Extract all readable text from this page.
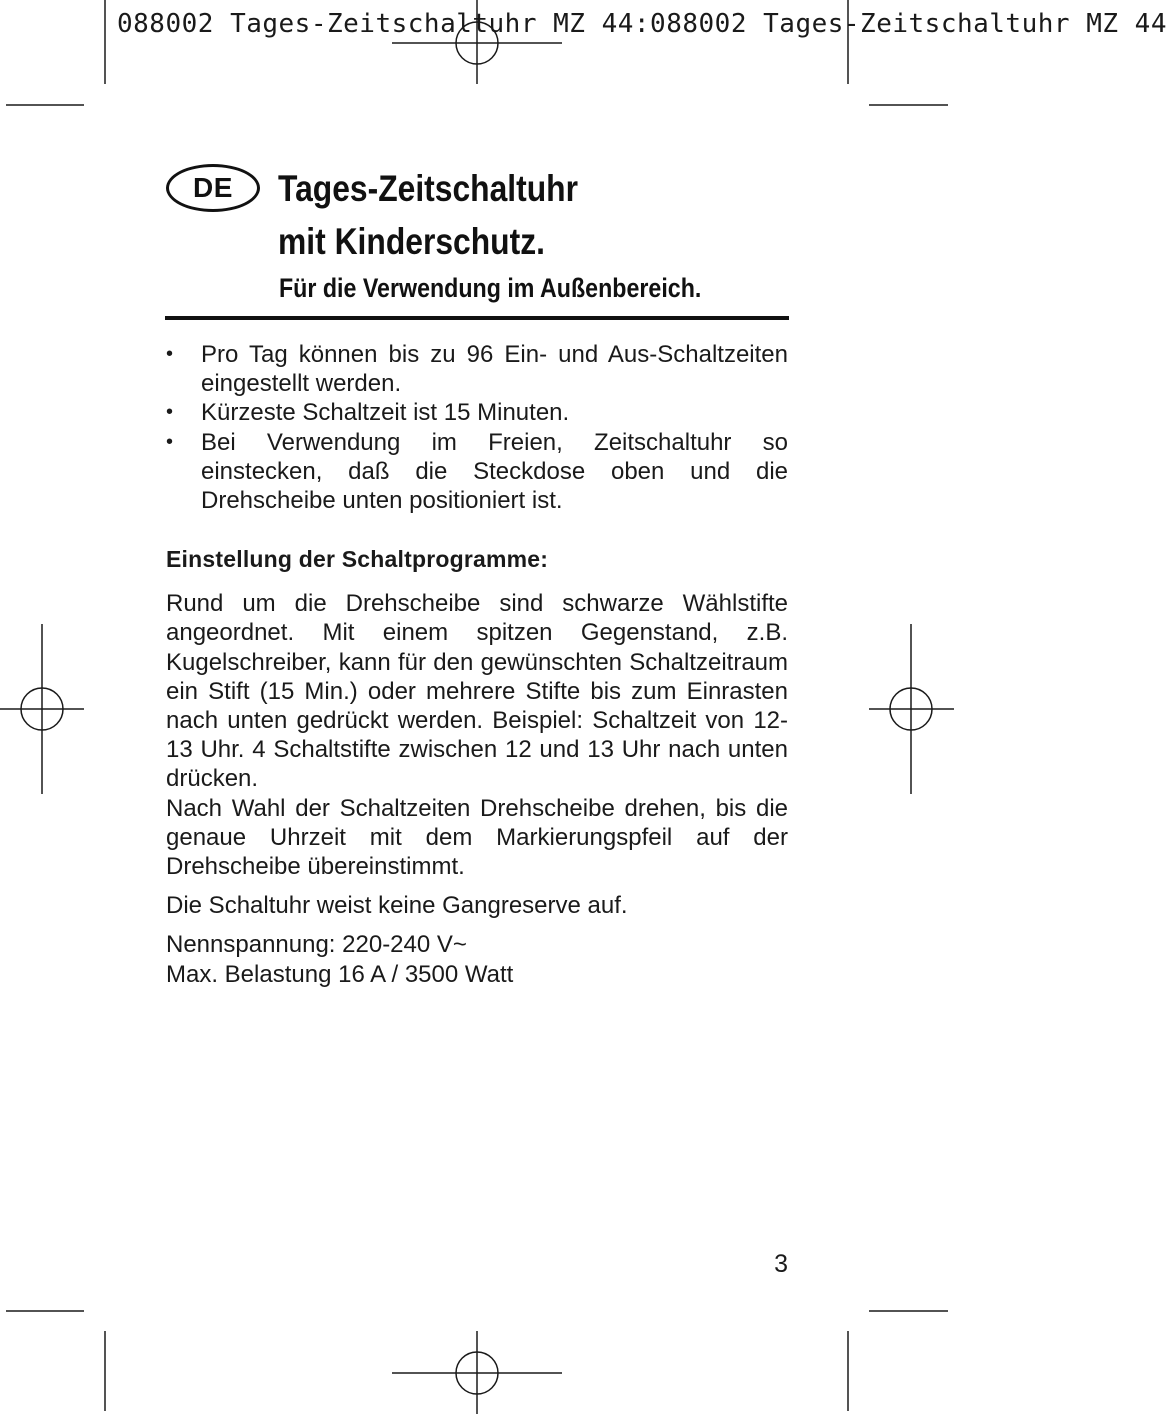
088002 Tages-Zeitschaltuhr MZ 44:088002 Tages-Zeitschaltuhr MZ 44
DE Tages-Zeitschaltuhr
mit Kinderschutz.
Für die Verwendung im Außenbereich.
• Pro Tag können bis zu 96 Ein- und Aus-Schaltzeiten eingestellt werden.
• Kürzeste Schaltzeit ist 15 Minuten.
• Bei Verwendung im Freien, Zeitschaltuhr so einstecken, daß die Steckdose oben und die Drehscheibe unten positioniert ist.
Einstellung der Schaltprogramme:

Rund um die Drehscheibe sind schwarze Wählstifte angeordnet. Mit einem spitzen Gegenstand, z.B. Kugelschreiber, kann für den gewünschten Schaltzeitraum ein Stift (15 Min.) oder mehrere Stifte bis zum Einrasten nach unten gedrückt werden. Beispiel: Schaltzeit von 12-13 Uhr. 4 Schaltstifte zwischen 12 und 13 Uhr nach unten drücken.

Nach Wahl der Schaltzeiten Drehscheibe drehen, bis die genaue Uhrzeit mit dem Markierungspfeil auf der Drehscheibe übereinstimmt.

Die Schaltuhr weist keine Gangreserve auf.

Nennspannung: 220-240 V~
Max. Belastung 16 A / 3500 Watt
3
